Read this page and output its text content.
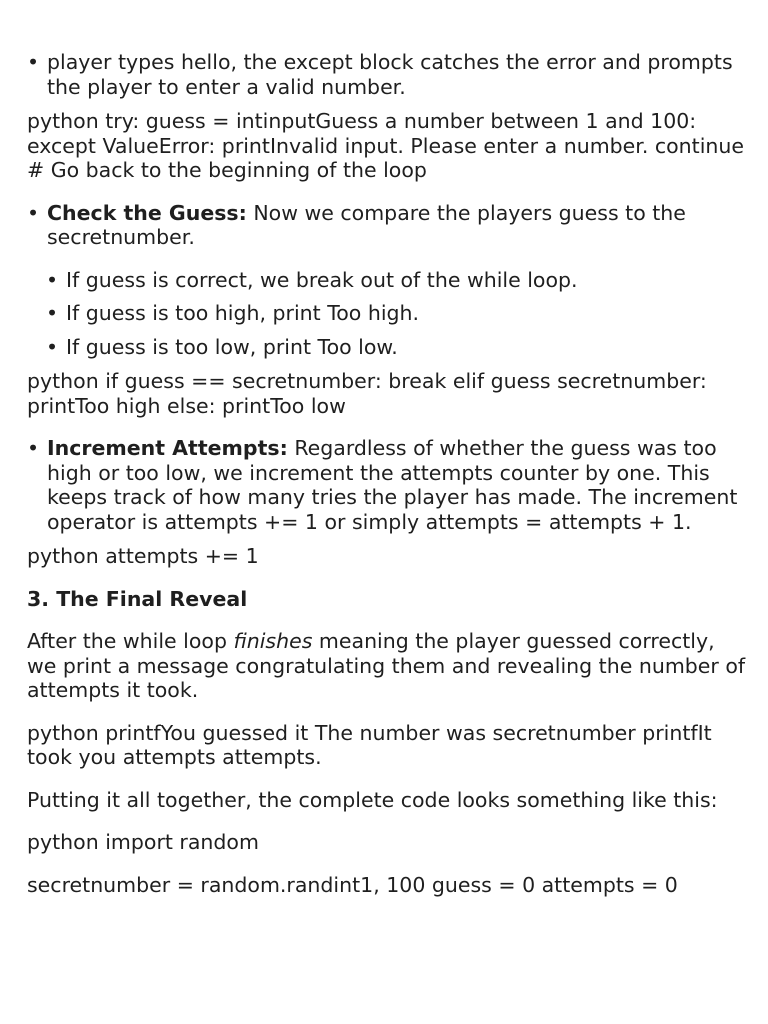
• player types hello, the except block catches the error and prompts the player to enter a valid number.

python try: guess = intinputGuess a number between 1 and 100: except ValueError: printInvalid input. Please enter a number. continue # Go back to the beginning of the loop

• Check the Guess: Now we compare the players guess to the secretnumber.
• If guess is correct, we break out of the while loop.
• If guess is too high, print Too high.
• If guess is too low, print Too low.

python if guess == secretnumber: break elif guess secretnumber: printToo high else: printToo low

• Increment Attempts: Regardless of whether the guess was too high or too low, we increment the attempts counter by one. This keeps track of how many tries the player has made. The increment operator is attempts += 1 or simply attempts = attempts + 1.

python attempts += 1

3. The Final Reveal

After the while loop finishes meaning the player guessed correctly, we print a message congratulating them and revealing the number of attempts it took.

python printfYou guessed it The number was secretnumber printfIt took you attempts attempts.

Putting it all together, the complete code looks something like this:

python import random

secretnumber = random.randint1, 100 guess = 0 attempts = 0
